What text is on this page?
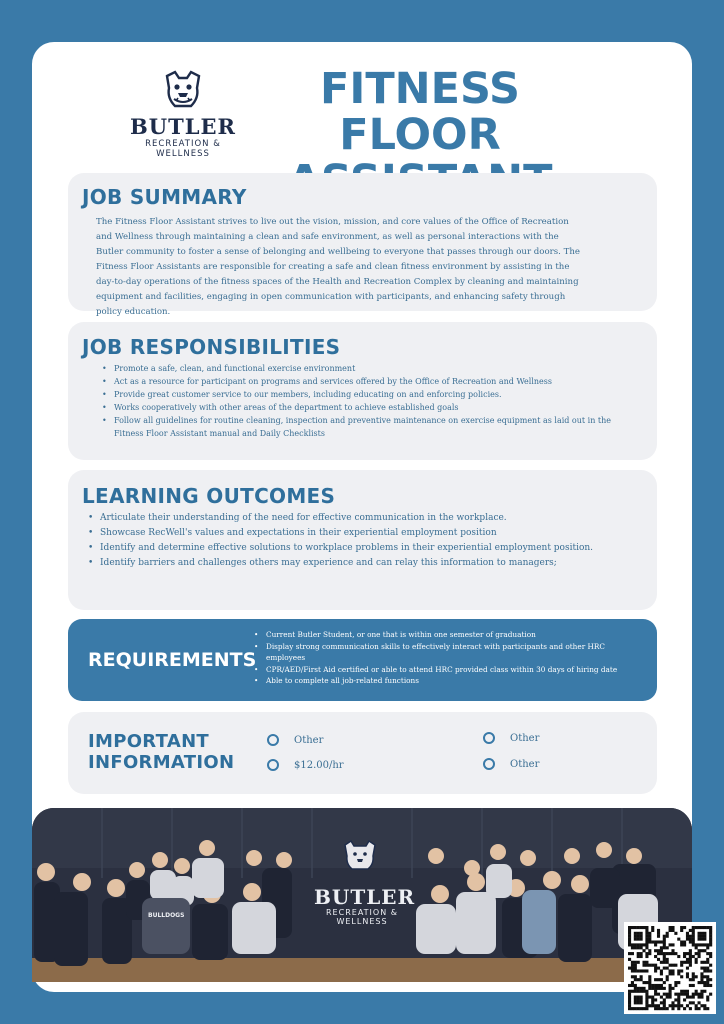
BUTLER
RECREATION &
WELLNESS
FITNESS FLOOR
JOB SUMMARY

The Fitness Floor Assistant strives to live out the vision, mission, and core values of the Office of Recreation and Wellness through maintaining a clean and safe environment, as well as personal interactions with the Butler community to foster a sense of belonging and wellbeing to everyone that passes through our doors. The Fitness Floor Assistants are responsible for creating a safe and clean fitness environment by assisting in the day-to-day operations of the fitness spaces of the Health and Recreation Complex by cleaning and maintaining equipment and facilities, engaging in open communication with participants, and enhancing safety through policy education.

JOB RESPONSIBILITIES
• Promote a safe, clean, and functional exercise environment
• Act as a resource for participant on programs and services offered by the Office of Recreation and Wellness
• Provide great customer service to our members, including educating on and enforcing policies.
• Works cooperatively with other areas of the department to achieve established goals
• Follow all guidelines for routine cleaning, inspection and preventive maintenance on exercise equipment as laid out in the Fitness Floor Assistant manual and Daily Checklists
LEARNING OUTCOMES
• Articulate their understanding of the need for effective communication in the workplace.
• Showcase RecWell's values and expectations in their experiential employment position
• Identify and determine effective solutions to workplace problems in their experiential employment position.
• Identify barriers and challenges others may experience and can relay this information to managers;
REQUIREMENTS
• Current Butler Student, or one that is within one semester of graduation
• Display strong communication skills to effectively interact with participants and other HRC employees
• CPR/AED/First Aid certified or able to attend HRC provided class within 30 days of hiring date
• Able to complete all job-related functions
IMPORTANT
INFORMATION
Other
$12.00/hr
Other
Other
BUTLER
RECREATION &
WELLNESS
BULLDOGS
